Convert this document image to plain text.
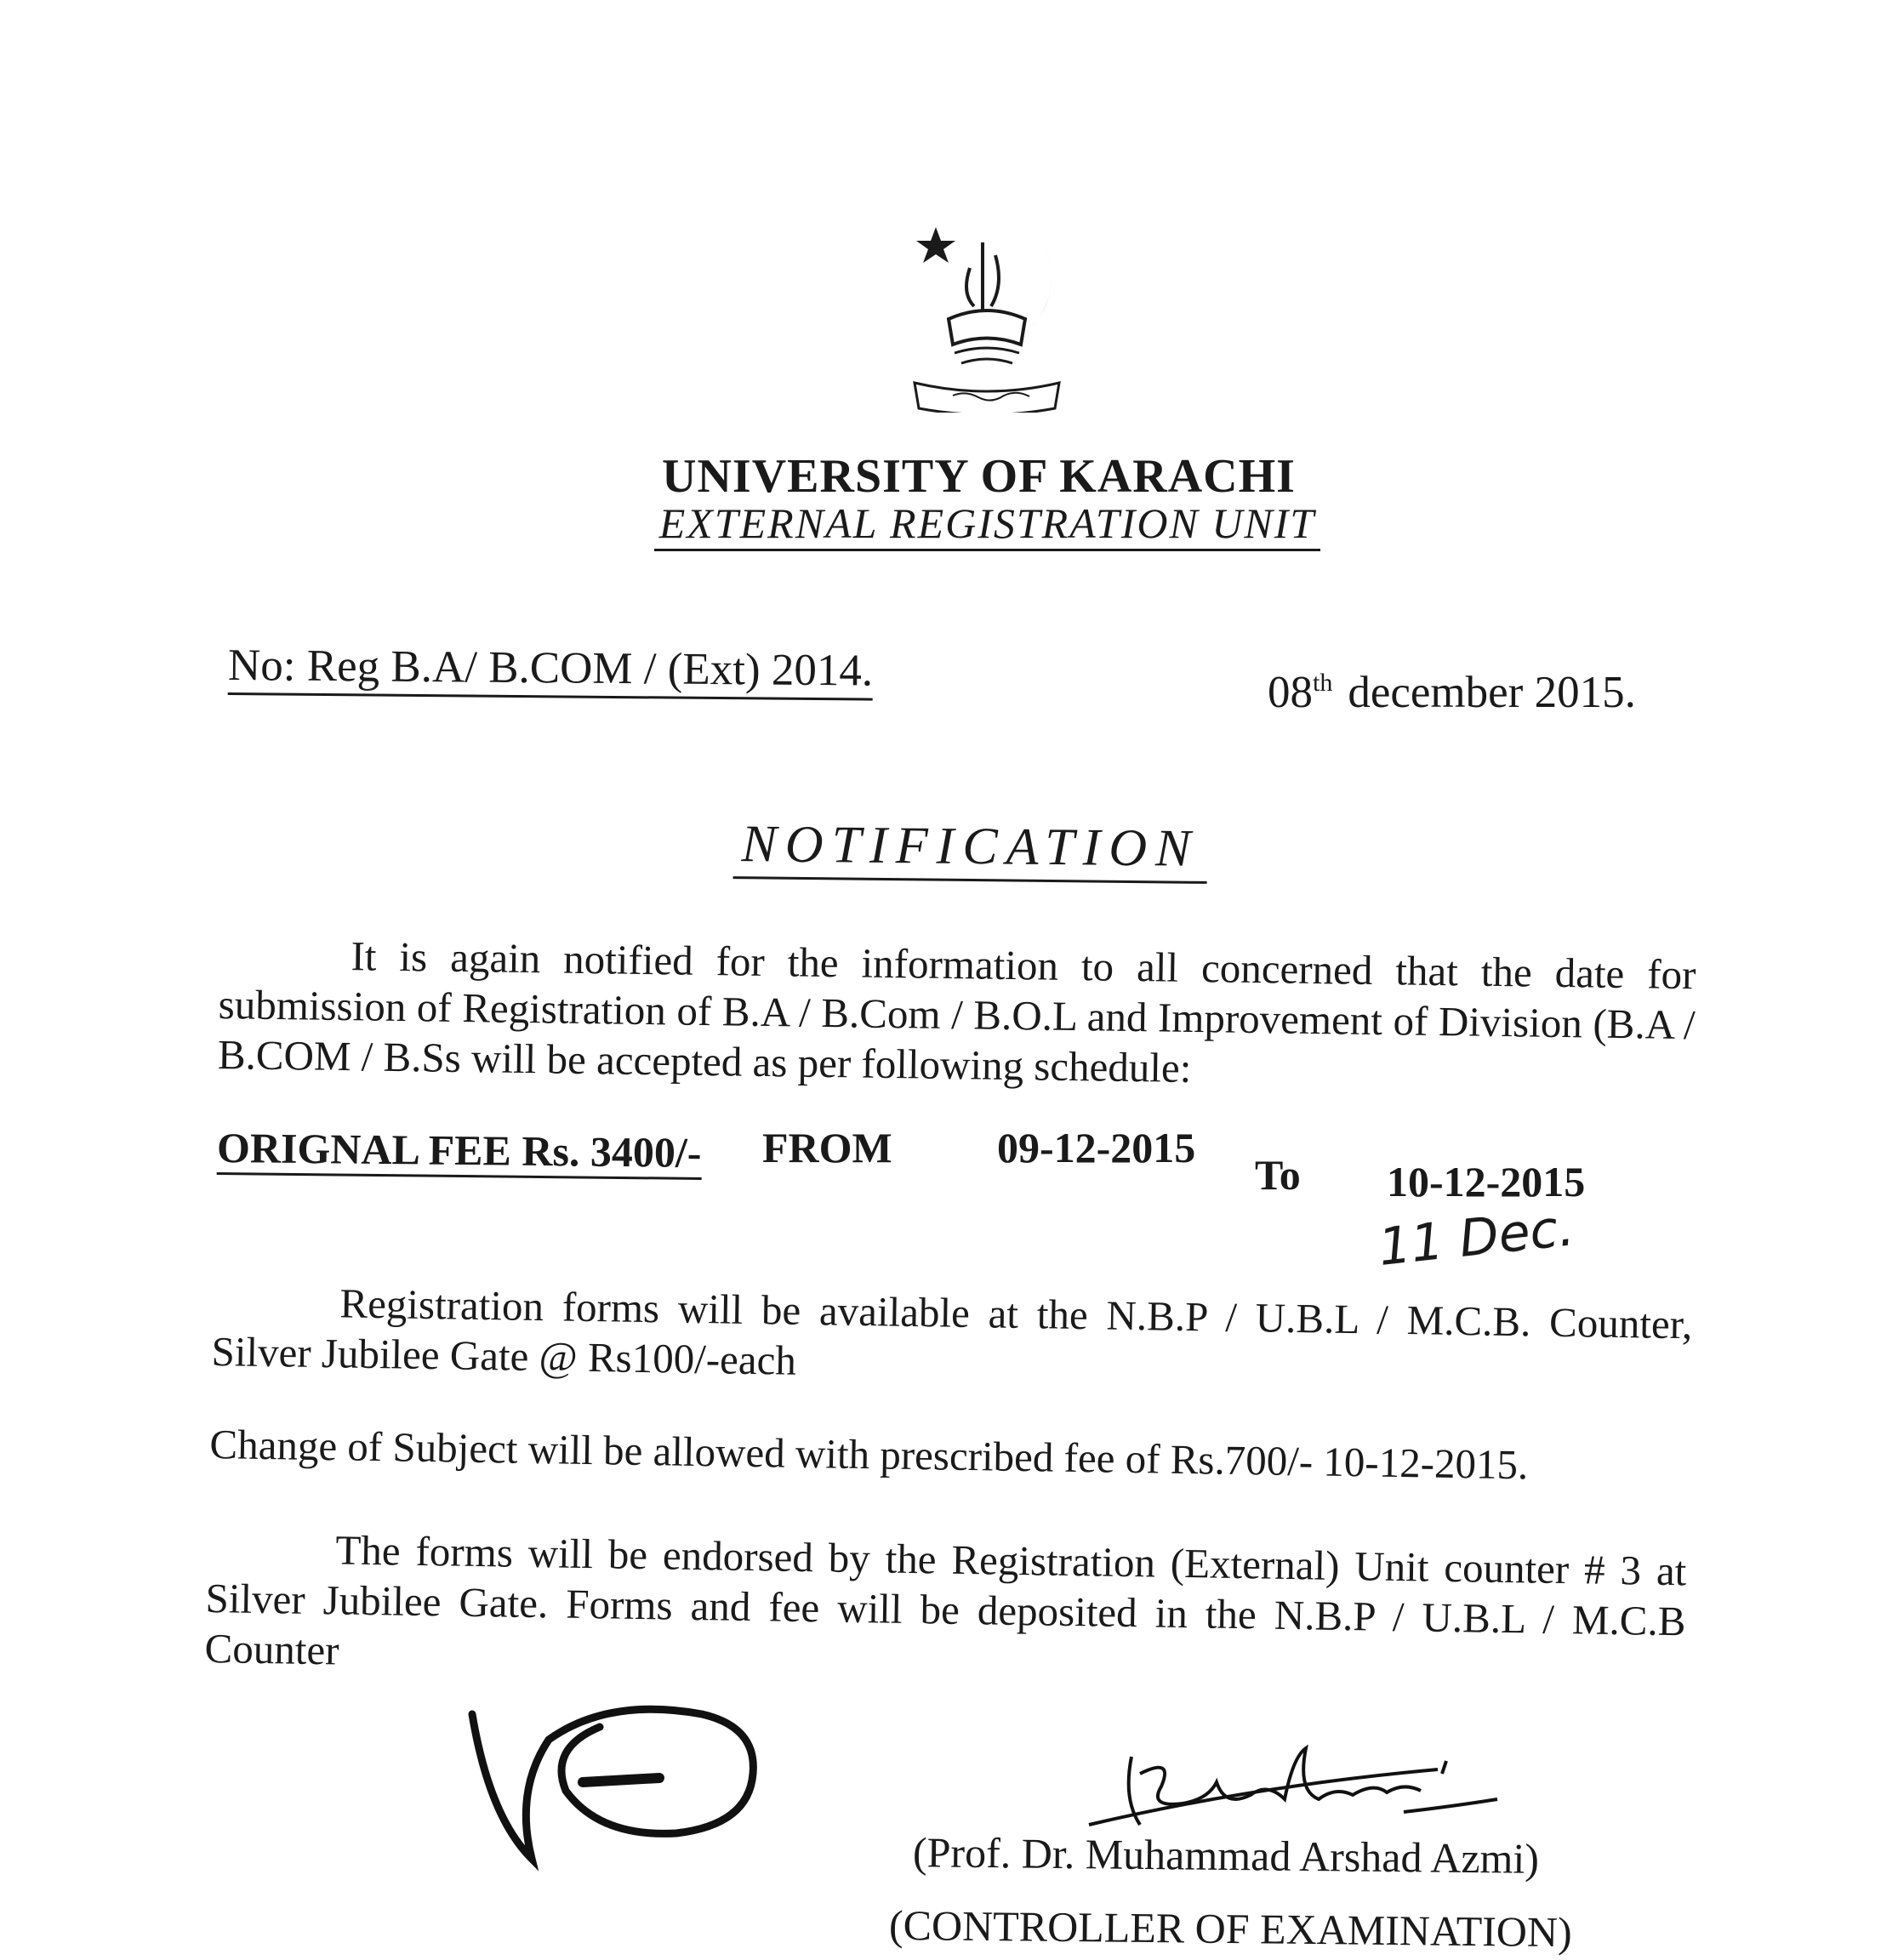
UNIVERSITY OF KARACHI
EXTERNAL REGISTRATION UNIT
No: Reg B.A/ B.COM / (Ext) 2014.	08th december 2015.
NOTIFICATION
It is again notified for the information to all concerned that the date for submission of Registration of B.A / B.Com / B.O.L and Improvement of Division (B.A / B.COM / B.Ss will be accepted as per following schedule:
ORIGNAL FEE Rs. 3400/- FROM 09-12-2015
To 10-12-2015
11 Dec.
Registration forms will be available at the N.B.P / U.B.L / M.C.B. Counter, Silver Jubilee Gate @ Rs100/-each
Change of Subject will be allowed with prescribed fee of Rs.700/- 10-12-2015.
The forms will be endorsed by the Registration (External) Unit counter # 3 at Silver Jubilee Gate. Forms and fee will be deposited in the N.B.P / U.B.L / M.C.B Counter
(Prof. Dr. Muhammad Arshad Azmi)
(CONTROLLER OF EXAMINATION)
